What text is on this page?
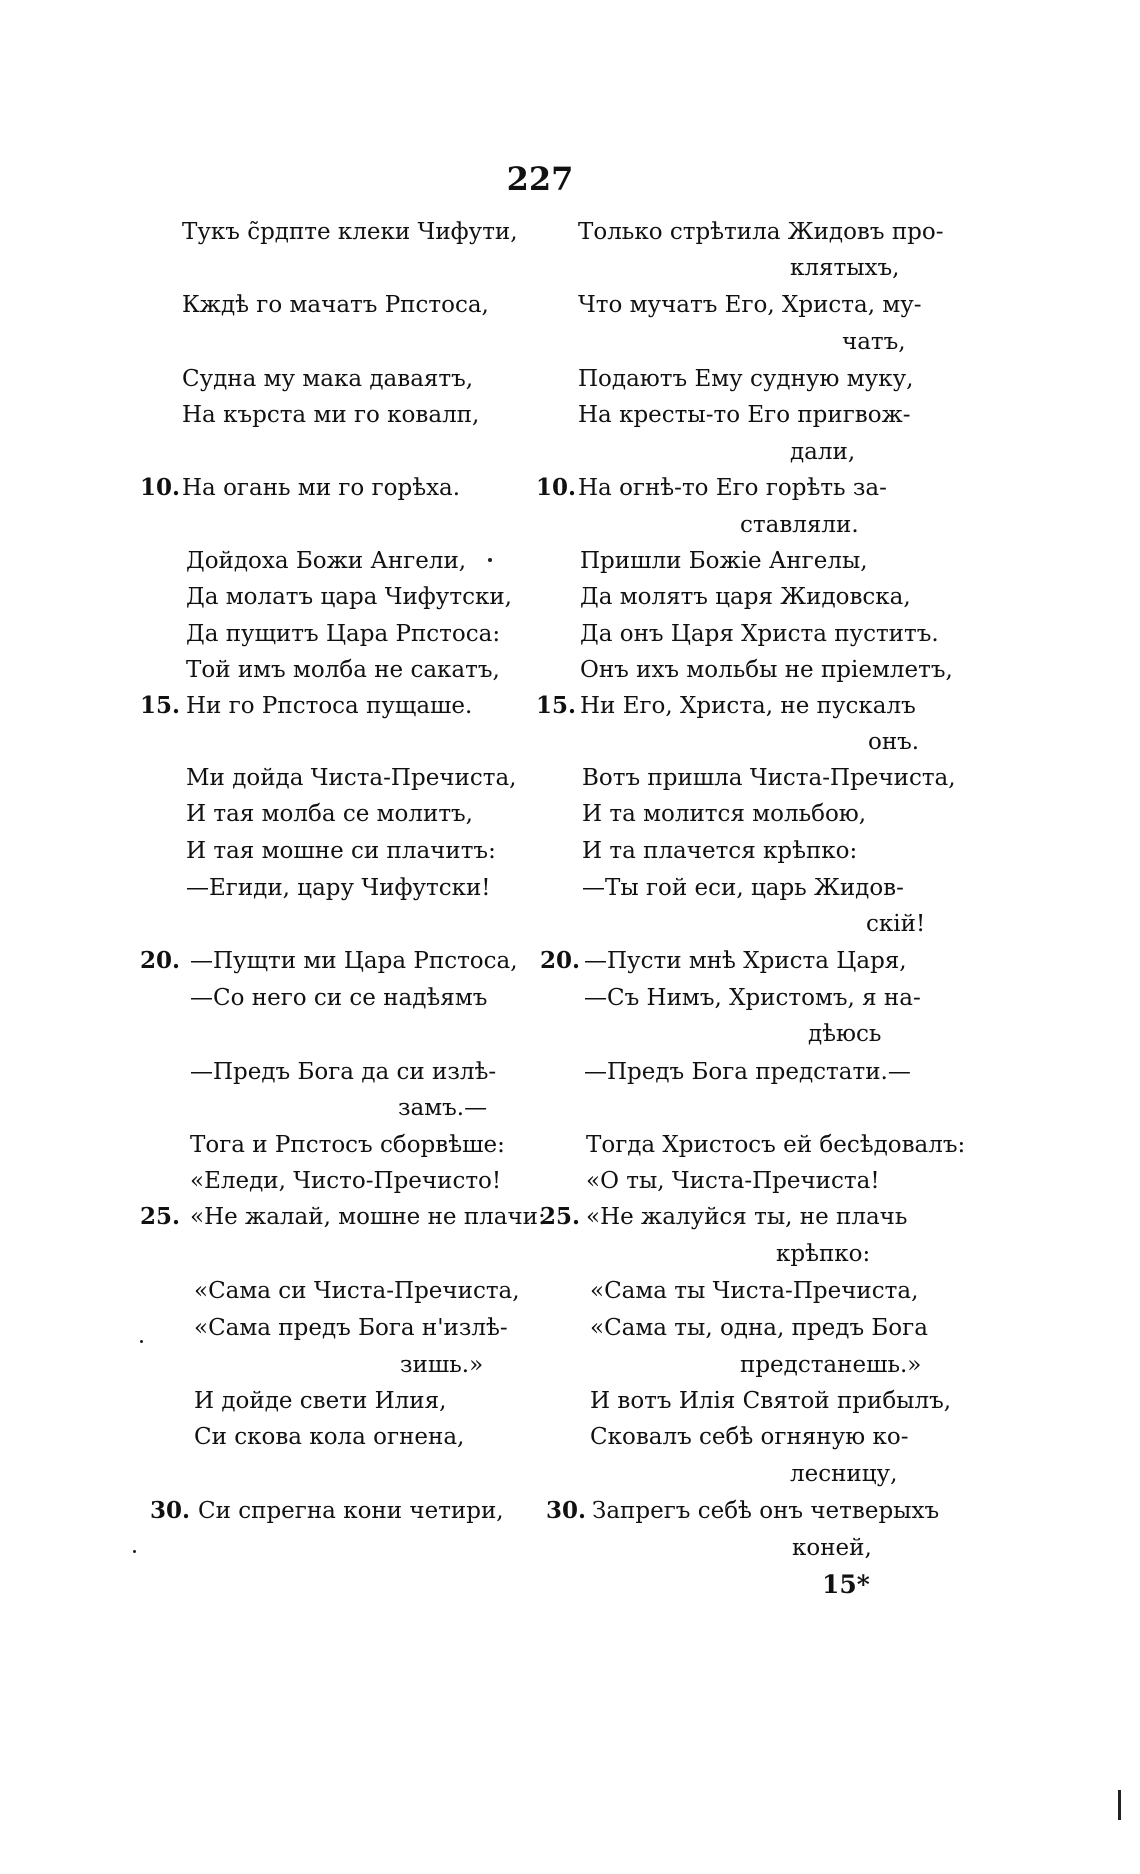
227
Тукъ с̃рдпте клеки Чифути,
Кждѣ го мачатъ Рпстоса,
Судна му мака даваятъ,
На кърста ми го ковалп,
10. На огань ми го горѣха.
Дойдоха Божи Ангели,
Да молатъ цара Чифутски,
Да пущитъ Цара Рпстоса:
Той имъ молба не сакатъ,
15. Ни го Рпстоса пущаше.
Ми дойда Чиста-Пречиста,
И тая молба се молитъ,
И тая мошне си плачитъ:
—Егиди, цару Чифутски!
20. —Пущти ми Цара Рпстоса,
—Со него си се надѣямъ
—Предъ Бога да си излѣ-
замъ.—
Тога и Рпстосъ сборвѣше:
«Еледи, Чисто-Пречисто!
25. «Не жалай, мошне не плачи:
«Сама си Чиста-Пречиста,
«Сама предъ Бога н'излѣ-
зишь.»
И дойде свети Илия,
Си скова кола огнена,
30. Си спрегна кони четири,
Только стрѣтила Жидовъ про-
клятыхъ,
Что мучатъ Его, Христа, му-
чатъ,
Подаютъ Ему судную муку,
На кресты-то Его пригвож-
дали,
10. На огнѣ-то Его горѣть за-
ставляли.
Пришли Божіе Ангелы,
Да молятъ царя Жидовска,
Да онъ Царя Христа пуститъ.
Онъ ихъ мольбы не пріемлетъ,
15. Ни Его, Христа, не пускалъ
онъ.
Вотъ пришла Чиста-Пречиста,
И та молится мольбою,
И та плачется крѣпко:
—Ты гой еси, царь Жидов-
скій!
20. —Пусти мнѣ Христа Царя,
—Съ Нимъ, Христомъ, я на-
дѣюсь
—Предъ Бога предстати.—
Тогда Христосъ ей бесѣдовалъ:
«О ты, Чиста-Пречиста!
25. «Не жалуйся ты, не плачь
крѣпко:
«Сама ты Чиста-Пречиста,
«Сама ты, одна, предъ Бога
предстанешь.»
И вотъ Илія Святой прибылъ,
Сковалъ себѣ огняную ко-
лесницу,
30. Запрегъ себѣ онъ четверыхъ
коней,
15*
